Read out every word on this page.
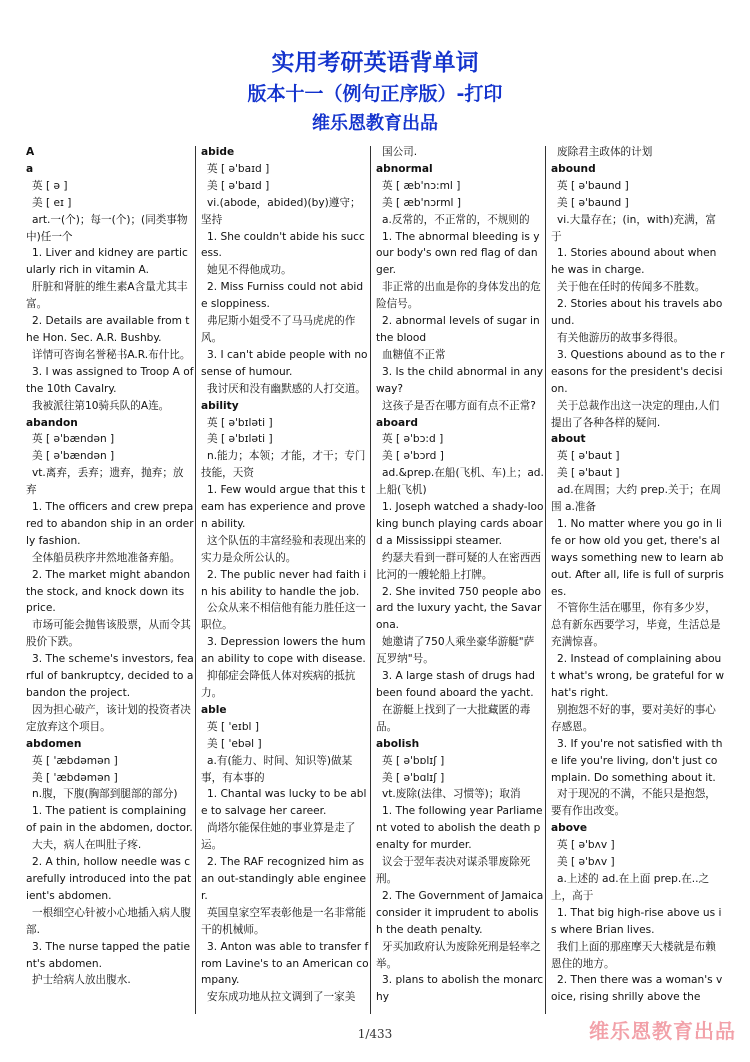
实用考研英语背单词
版本十一（例句正序版）-打印
维乐恩教育出品
A
a
英 [ ə ]
美 [ eɪ ]
art.一(个)；每一(个)；(同类事物中)任一个
1. Liver and kidney are particularly rich in vitamin A.
肝脏和肾脏的维生素A含量尤其丰富。
2. Details are available from the Hon. Sec. A.R. Bushby.
详情可咨询名誉秘书A.R.布什比。
3. I was assigned to Troop A of the 10th Cavalry.
我被派往第10骑兵队的A连。
abandon
英 [ ə'bændən ]
美 [ ə'bændən ]
vt.离弃，丢弃；遗弃，抛弃；放弃
1. The officers and crew prepared to abandon ship in an orderly fashion.
全体船员秩序井然地准备弃船。
2. The market might abandon the stock, and knock down its price.
市场可能会抛售该股票，从而令其股价下跌。
3. The scheme's investors, fearful of bankruptcy, decided to abandon the project.
因为担心破产，该计划的投资者决定放弃这个项目。
abdomen
英 [ 'æbdəmən ]
美 [ 'æbdəmən ]
n.腹，下腹(胸部到腿部的部分)
1. The patient is complaining of pain in the abdomen, doctor.
大夫，病人在叫肚子疼.
2. A thin, hollow needle was carefully introduced into the patient's abdomen.
一根细空心针被小心地插入病人腹部.
3. The nurse tapped the patient's abdomen.
护士给病人放出腹水.
abide
英 [ ə'baɪd ]
美 [ ə'baɪd ]
vi.(abode，abided)(by)遵守；坚持
1. She couldn't abide his success.
她见不得他成功。
2. Miss Furniss could not abide sloppiness.
弗尼斯小姐受不了马马虎虎的作风。
3. I can't abide people with no sense of humour.
我讨厌和没有幽默感的人打交道。
ability
英 [ ə'bɪləti ]
美 [ ə'bɪləti ]
n.能力；本领；才能，才干；专门技能，天资
1. Few would argue that this team has experience and proven ability.
这个队伍的丰富经验和表现出来的实力是众所公认的。
2. The public never had faith in his ability to handle the job.
公众从来不相信他有能力胜任这一职位。
3. Depression lowers the human ability to cope with disease.
抑郁症会降低人体对疾病的抵抗力。
able
英 [ 'eɪbl ]
美 [ 'ebəl ]
a.有(能力、时间、知识等)做某事，有本事的
1. Chantal was lucky to be able to salvage her career.
尚塔尔能保住她的事业算是走了运。
2. The RAF recognized him as an out-standingly able engineer.
英国皇家空军表彰他是一名非常能干的机械师。
3. Anton was able to transfer from Lavine's to an American company.
安东成功地从拉文调到了一家美
国公司.
abnormal
英 [ æb'nɔ:ml ]
美 [ æb'nɔrml ]
a.反常的，不正常的，不规则的
1. The abnormal bleeding is your body's own red flag of danger.
非正常的出血是你的身体发出的危险信号。
2. abnormal levels of sugar in the blood
血糖值不正常
3. Is the child abnormal in any way?
这孩子是否在哪方面有点不正常?
aboard
英 [ ə'bɔ:d ]
美 [ ə'bɔrd ]
ad.&prep.在船(飞机、车)上；ad.上船(飞机)
1. Joseph watched a shady-looking bunch playing cards aboard a Mississippi steamer.
约瑟夫看到一群可疑的人在密西西比河的一艘轮船上打牌。
2. She invited 750 people aboard the luxury yacht, the Savarona.
她邀请了750人乘坐豪华游艇"萨瓦罗纳"号。
3. A large stash of drugs had been found aboard the yacht.
在游艇上找到了一大批藏匿的毒品。
abolish
英 [ ə'bɒlɪʃ ]
美 [ ə'bɑlɪʃ ]
vt.废除(法律、习惯等)；取消
1. The following year Parliament voted to abolish the death penalty for murder.
议会于翌年表决对谋杀罪废除死刑。
2. The Government of Jamaica consider it imprudent to abolish the death penalty.
牙买加政府认为废除死刑是轻率之举。
3. plans to abolish the monarchy
废除君主政体的计划
abound
英 [ ə'baund ]
美 [ ə'baund ]
vi.大量存在；(in，with)充满，富于
1. Stories abound about when he was in charge.
关于他在任时的传闻多不胜数。
2. Stories about his travels abound.
有关他游历的故事多得很。
3. Questions abound as to the reasons for the president's decision.
关于总裁作出这一决定的理由,人们提出了各种各样的疑问.
about
英 [ ə'baut ]
美 [ ə'baut ]
ad.在周围；大约 prep.关于；在周围 a.准备
1. No matter where you go in life or how old you get, there's always something new to learn about. After all, life is full of surprises.
不管你生活在哪里，你有多少岁，总有新东西要学习，毕竟，生活总是充满惊喜。
2. Instead of complaining about what's wrong, be grateful for what's right.
别抱怨不好的事，要对美好的事心存感恩。
3. If you're not satisfied with the life you're living, don't just complain. Do something about it.
对于现况的不满，不能只是抱怨，要有作出改变。
above
英 [ ə'bʌv ]
美 [ ə'bʌv ]
a.上述的 ad.在上面 prep.在..之上，高于
1. That big high-rise above us is where Brian lives.
我们上面的那座摩天大楼就是布赖恩住的地方。
2. Then there was a woman's voice, rising shrilly above the
1/433	维乐恩教育出品
